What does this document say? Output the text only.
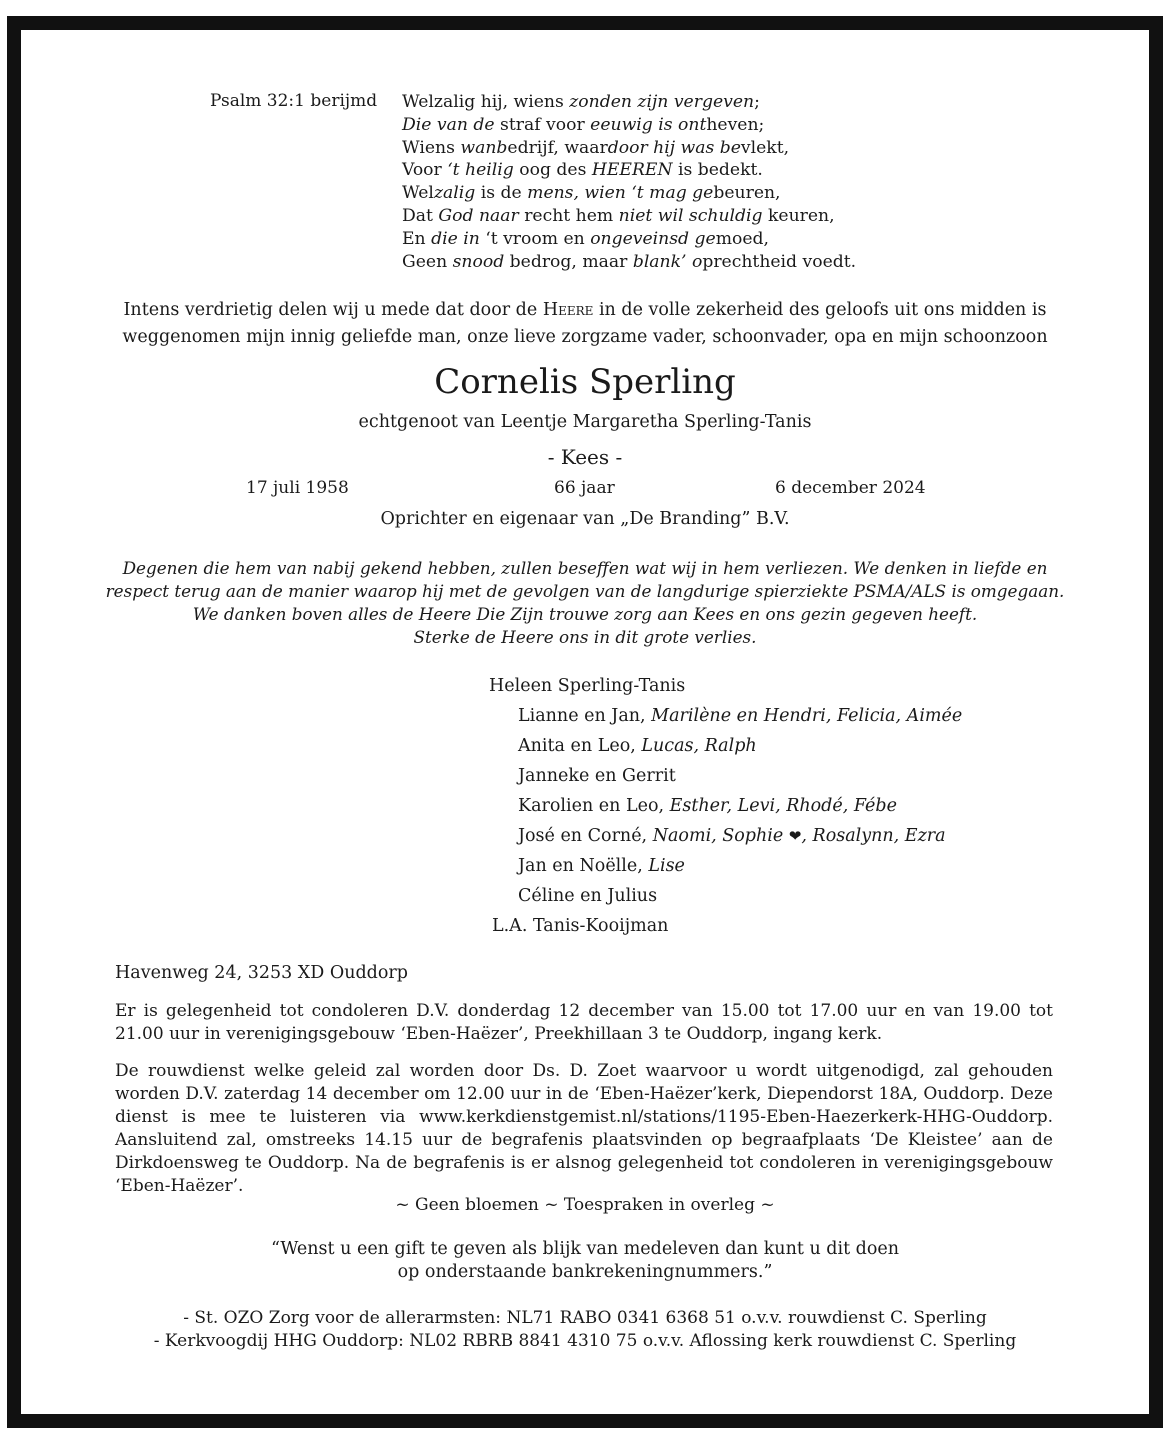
Psalm 32:1 berijmd Welzalig hij, wiens zonden zijn vergeven;
Die van de straf voor eeuwig is ontheven;
Wiens wanbedrijf, waardoor hij was bevlekt,
Voor ‘t heilig oog des HEEREN is bedekt.
Welzalig is de mens, wien ‘t mag gebeuren,
Dat God naar recht hem niet wil schuldig keuren,
En die in ‘t vroom en ongeveinsd gemoed,
Geen snood bedrog, maar blank’ oprechtheid voedt.
Intens verdrietig delen wij u mede dat door de Heere in de volle zekerheid des geloofs uit ons midden is
weggenomen mijn innig geliefde man, onze lieve zorgzame vader, schoonvader, opa en mijn schoonzoon
Cornelis Sperling
echtgenoot van Leentje Margaretha Sperling-Tanis
- Kees -
17 juli 1958	66 jaar	6 december 2024
Oprichter en eigenaar van „De Branding” B.V.
Degenen die hem van nabij gekend hebben, zullen beseffen wat wij in hem verliezen. We denken in liefde en
respect terug aan de manier waarop hij met de gevolgen van de langdurige spierziekte PSMA/ALS is omgegaan.
We danken boven alles de Heere Die Zijn trouwe zorg aan Kees en ons gezin gegeven heeft.
Sterke de Heere ons in dit grote verlies.
Heleen Sperling-Tanis
Lianne en Jan, Marilène en Hendri, Felicia, Aimée
Anita en Leo, Lucas, Ralph
Janneke en Gerrit
Karolien en Leo, Esther, Levi, Rhodé, Fébe
José en Corné, Naomi, Sophie ❤, Rosalynn, Ezra
Jan en Noëlle, Lise
Céline en Julius
L.A. Tanis-Kooijman
Havenweg 24, 3253 XD Ouddorp
Er is gelegenheid tot condoleren D.V. donderdag 12 december van 15.00 tot 17.00 uur en van 19.00 tot 21.00 uur in verenigingsgebouw ‘Eben-Haëzer’, Preekhillaan 3 te Ouddorp, ingang kerk.
De rouwdienst welke geleid zal worden door Ds. D. Zoet waarvoor u wordt uitgenodigd, zal gehouden worden D.V. zaterdag 14 december om 12.00 uur in de ‘Eben-Haëzer’kerk, Diependorst 18A, Ouddorp. Deze dienst is mee te luisteren via www.kerkdienstgemist.nl/stations/1195-Eben-Haezerkerk-HHG-Ouddorp. Aansluitend zal, omstreeks 14.15 uur de begrafenis plaatsvinden op begraafplaats ‘De Kleistee’ aan de Dirkdoensweg te Ouddorp. Na de begrafenis is er alsnog gelegenheid tot condoleren in verenigingsgebouw ‘Eben-Haëzer’.
~ Geen bloemen ~ Toespraken in overleg ~
“Wenst u een gift te geven als blijk van medeleven dan kunt u dit doen
op onderstaande bankrekeningnummers.”
- St. OZO Zorg voor de allerarmsten: NL71 RABO 0341 6368 51 o.v.v. rouwdienst C. Sperling
- Kerkvoogdij HHG Ouddorp: NL02 RBRB 8841 4310 75 o.v.v. Aflossing kerk rouwdienst C. Sperling
